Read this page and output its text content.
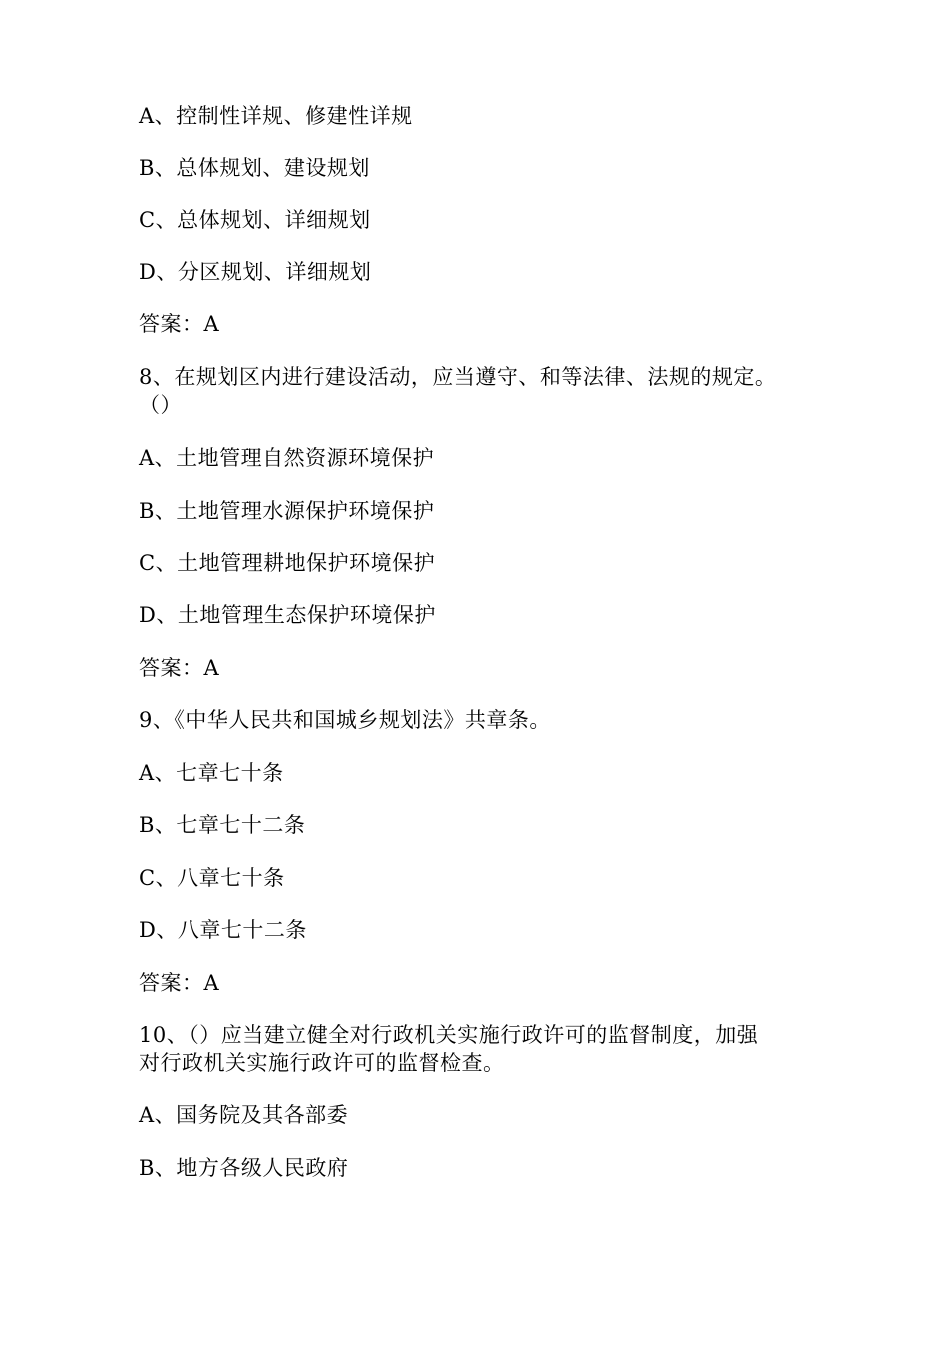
A、控制性详规、修建性详规
B、总体规划、建设规划
C、总体规划、详细规划
D、分区规划、详细规划
答案：A
8、在规划区内进行建设活动，应当遵守、和等法律、法规的规定。
（）
A、土地管理自然资源环境保护
B、土地管理水源保护环境保护
C、土地管理耕地保护环境保护
D、土地管理生态保护环境保护
答案：A
9、《中华人民共和国城乡规划法》共章条。
A、七章七十条
B、七章七十二条
C、八章七十条
D、八章七十二条
答案：A
10、（）应当建立健全对行政机关实施行政许可的监督制度，加强
对行政机关实施行政许可的监督检查。
A、国务院及其各部委
B、地方各级人民政府
